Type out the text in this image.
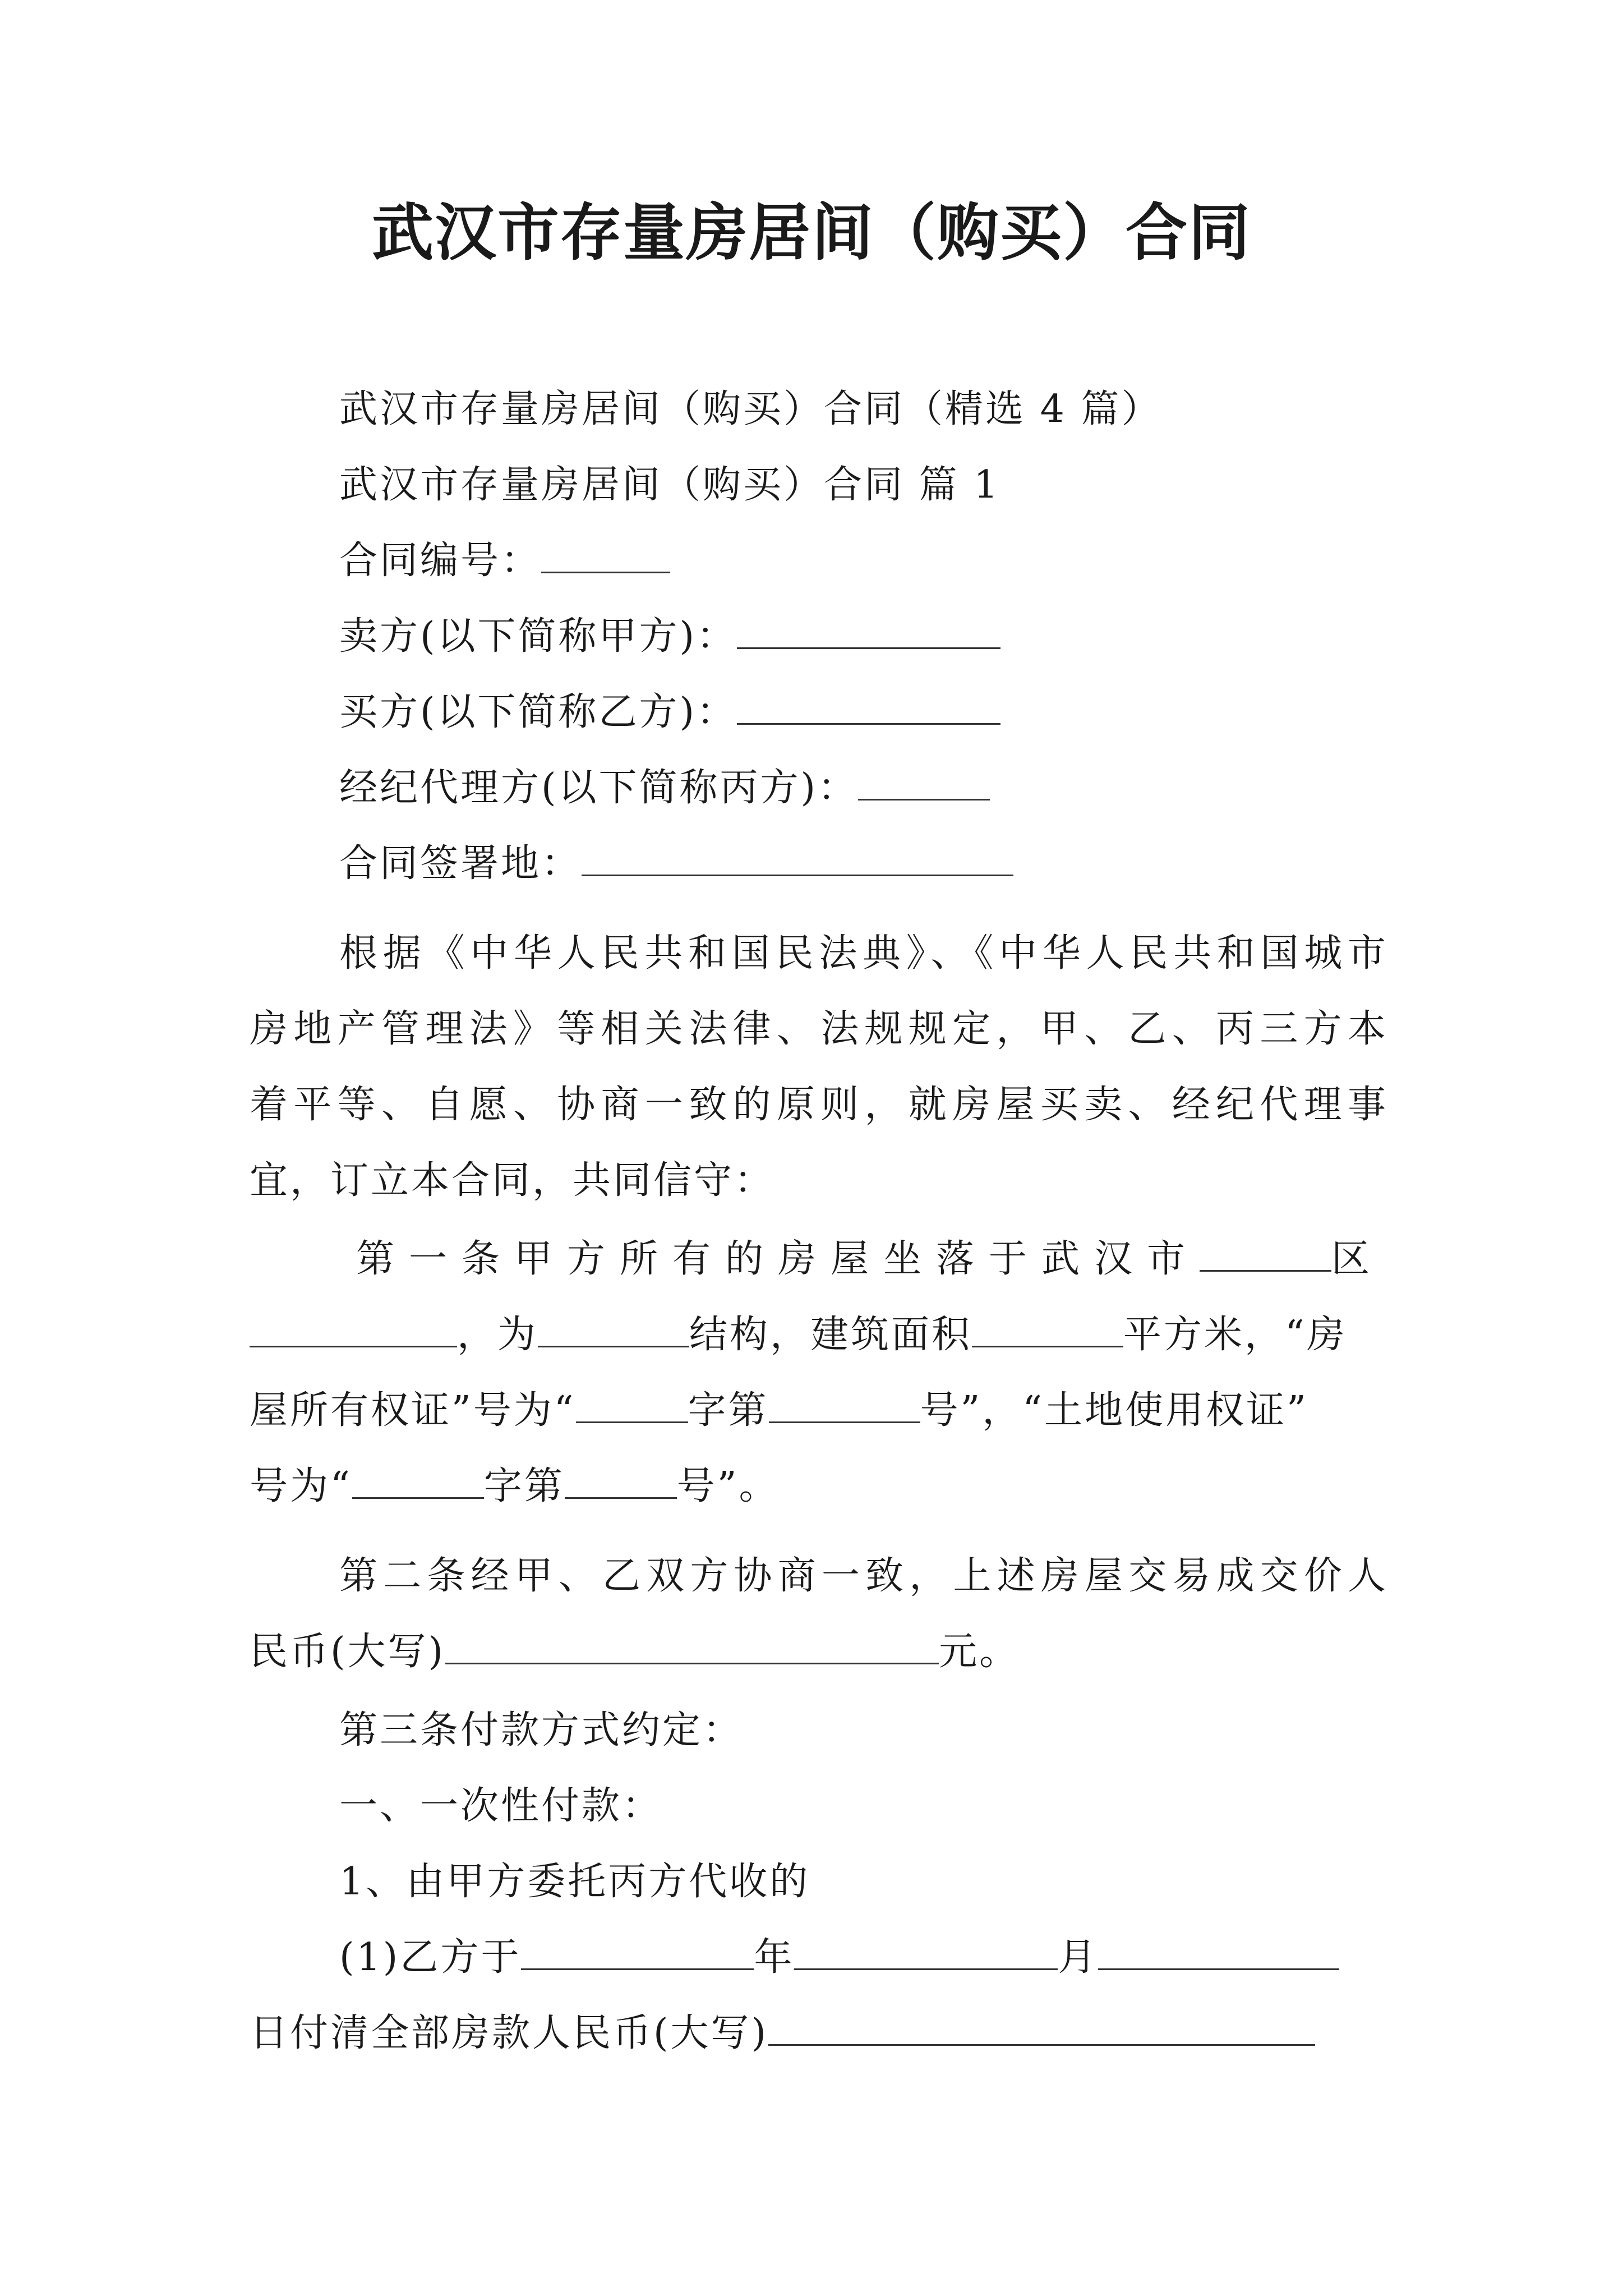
武汉市存量房居间（购买）合同
武汉市存量房居间（购买）合同（精选 4 篇）
武汉市存量房居间（购买）合同 篇 1
合同编号：
卖方(以下简称甲方)：
买方(以下简称乙方)：
经纪代理方(以下简称丙方)：
合同签署地：
根据《中华人民共和国民法典》、《中华人民共和国城市
房地产管理法》等相关法律、法规规定，甲、乙、丙三方本
着平等、自愿、协商一致的原则，就房屋买卖、经纪代理事
宜，订立本合同，共同信守：
第一条甲方所有的房屋坐落于武汉市	区
，为	结构，建筑面积	平方米，“房
屋所有权证”号为“	字第	号”，“土地使用权证”
号为“	字第	号”。
第二条经甲、乙双方协商一致，上述房屋交易成交价人
民币(大写)	元。
第三条付款方式约定：
一、一次性付款：
1、由甲方委托丙方代收的
(1)乙方于	年	月
日付清全部房款人民币(大写)
